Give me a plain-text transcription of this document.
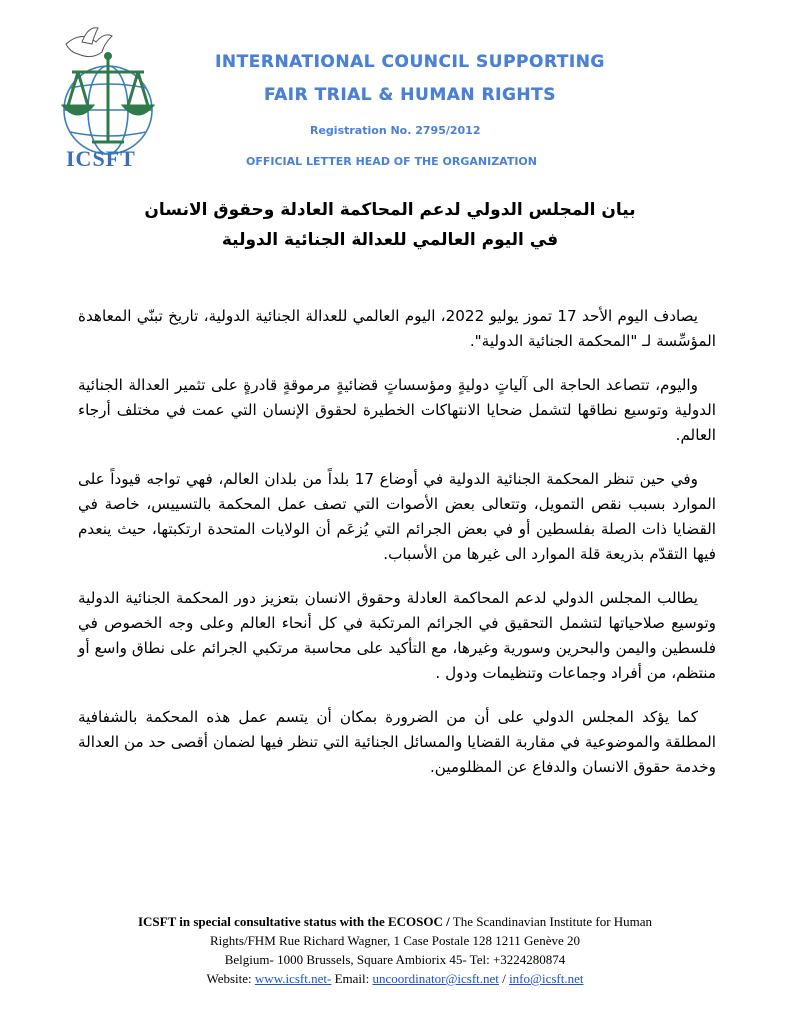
ICSFT
INTERNATIONAL COUNCIL SUPPORTING
FAIR TRIAL & HUMAN RIGHTS
Registration No. 2795/2012
OFFICIAL LETTER HEAD OF THE ORGANIZATION
بيان المجلس الدولي لدعم المحاكمة العادلة وحقوق الانسان
في اليوم العالمي للعدالة الجنائية الدولية

يصادف اليوم الأحد 17 تموز يوليو 2022، اليوم العالمي للعدالة الجنائية الدولية، تاريخ تبنّي المعاهدة المؤسِّسة لـ "المحكمة الجنائية الدولية".

واليوم، تتصاعد الحاجة الى آلياتٍ دوليةٍ ومؤسساتٍ قضائيةٍ مرموقةٍ قادرةٍ على تثمير العدالة الجنائية الدولية وتوسيع نطاقها لتشمل ضحايا الانتهاكات الخطيرة لحقوق الإنسان التي عمت في مختلف أرجاء العالم.

وفي حين تنظر المحكمة الجنائية الدولية في أوضاع 17 بلداً من بلدان العالم، فهي تواجه قيوداً على الموارد بسبب نقص التمويل، وتتعالى بعض الأصوات التي تصف عمل المحكمة بالتسييس، خاصة في القضايا ذات الصلة بفلسطين أو في بعض الجرائم التي يُزعَم أن الولايات المتحدة ارتكبتها، حيث ينعدم فيها التقدّم بذريعة قلة الموارد الى غيرها من الأسباب.

يطالب المجلس الدولي لدعم المحاكمة العادلة وحقوق الانسان بتعزيز دور المحكمة الجنائية الدولية وتوسيع صلاحياتها لتشمل التحقيق في الجرائم المرتكبة في كل أنحاء العالم وعلى وجه الخصوص في فلسطين واليمن والبحرين وسورية وغيرها، مع التأكيد على محاسبة مرتكبي الجرائم على نطاق واسع أو منتظم، من أفراد وجماعات وتنظيمات ودول .

كما يؤكد المجلس الدولي على أن من الضرورة بمكان أن يتسم عمل هذه المحكمة بالشفافية المطلقة والموضوعية في مقاربة القضايا والمسائل الجنائية التي تنظر فيها لضمان أقصى حد من العدالة وخدمة حقوق الانسان والدفاع عن المظلومين.

ICSFT in special consultative status with the ECOSOC / The Scandinavian Institute for Human
Rights/FHM Rue Richard Wagner, 1 Case Postale 128 1211 Genève 20
Belgium- 1000 Brussels, Square Ambiorix 45- Tel: +3224280874
Website: www.icsft.net- Email: uncoordinator@icsft.net / info@icsft.net
